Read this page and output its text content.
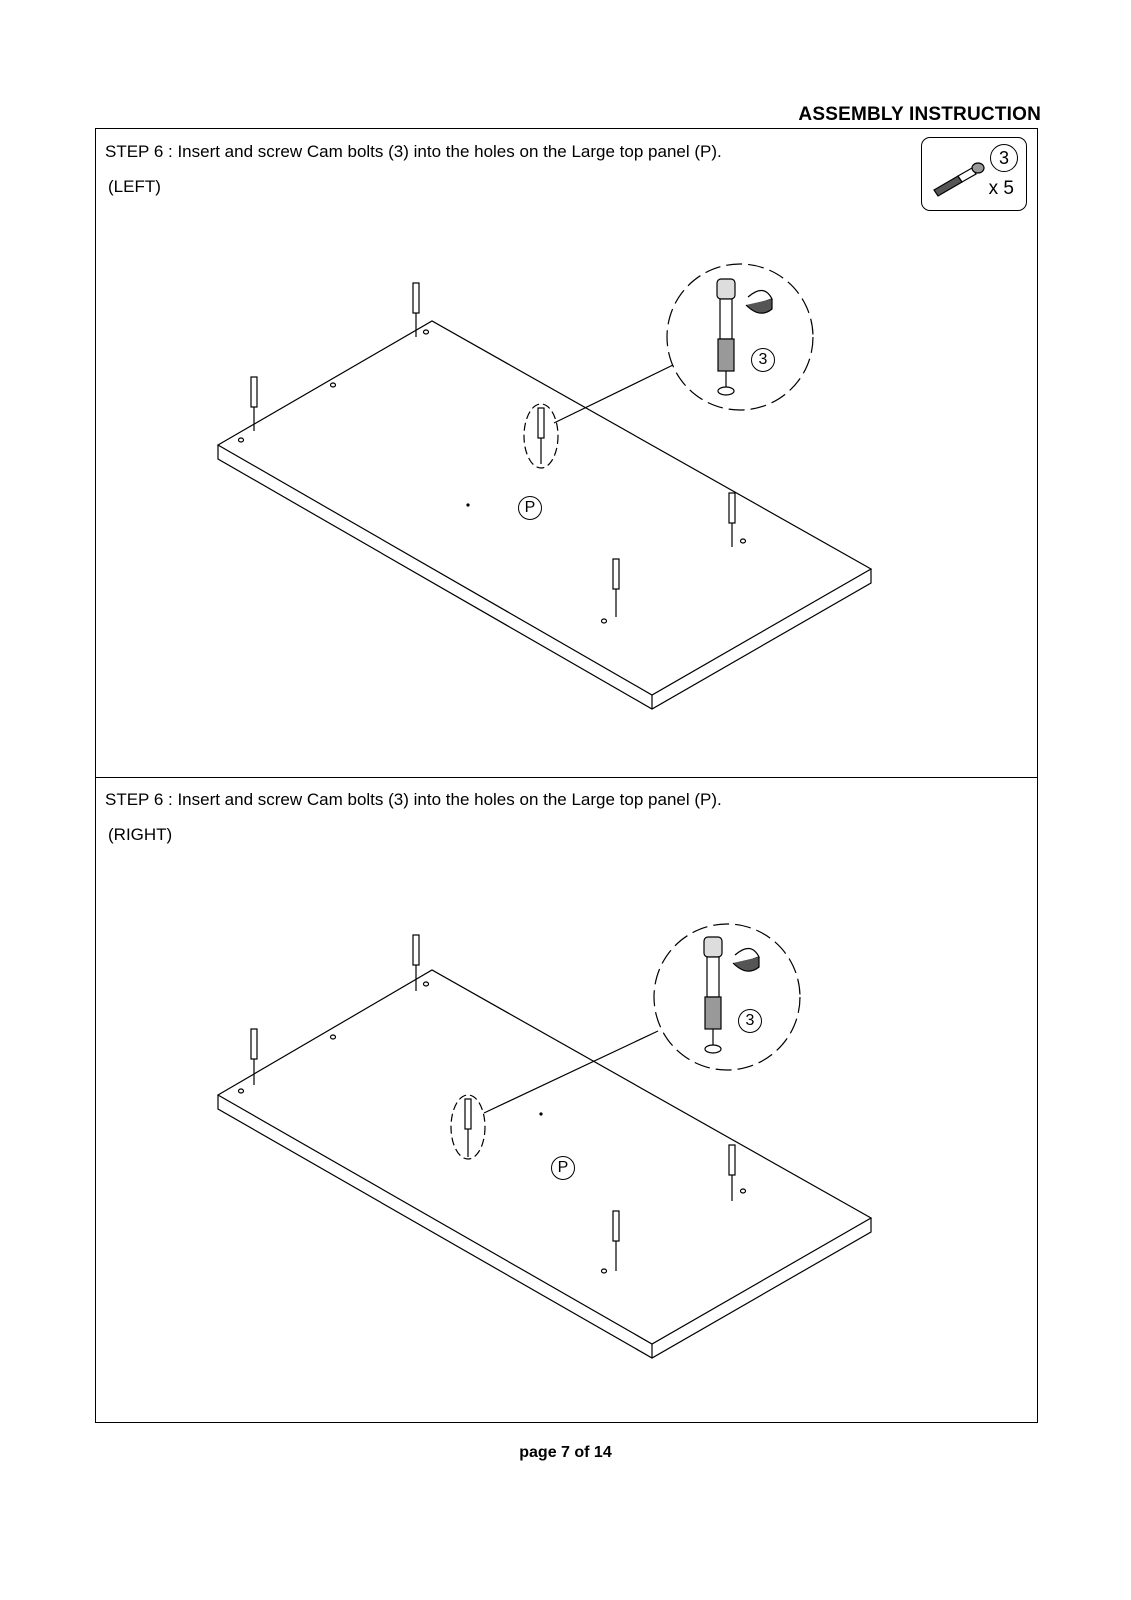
ASSEMBLY INSTRUCTION
STEP 6 : Insert and screw Cam bolts (3) into the holes on the Large top panel (P).
(LEFT)
3
x 5
P
3
STEP 6 : Insert and screw Cam bolts (3) into the holes on the Large top panel (P).
(RIGHT)
P
3
page 7 of 14
